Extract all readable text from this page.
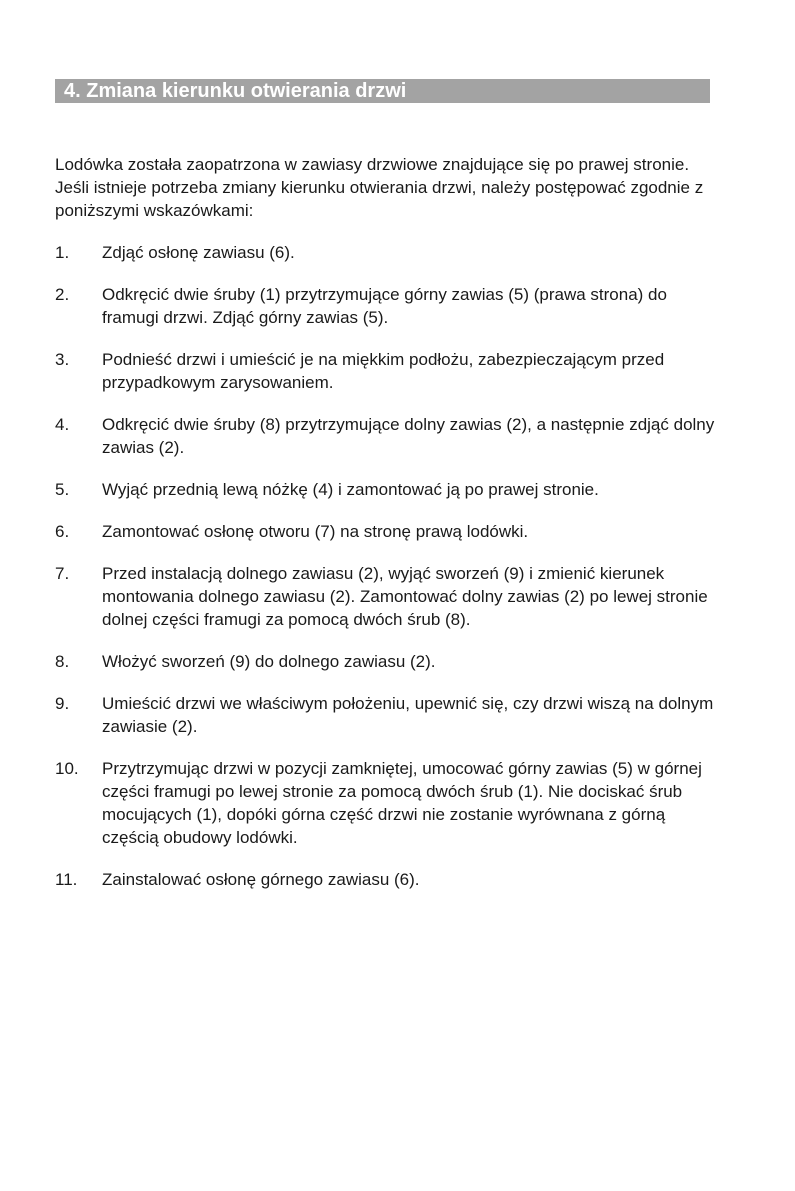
4. Zmiana kierunku otwierania drzwi

Lodówka została zaopatrzona w zawiasy drzwiowe znajdujące się po prawej stronie. Jeśli istnieje potrzeba zmiany kierunku otwierania drzwi, należy postępować zgodnie z poniższymi wskazówkami:

1.	Zdjąć osłonę zawiasu (6).
2.	Odkręcić dwie śruby (1) przytrzymujące górny zawias (5) (prawa strona) do framugi drzwi. Zdjąć górny zawias (5).
3.	Podnieść drzwi i umieścić je na miękkim podłożu, zabezpieczającym przed przypadkowym zarysowaniem.
4.	Odkręcić dwie śruby (8) przytrzymujące dolny zawias (2), a następnie zdjąć dolny zawias (2).
5.	Wyjąć przednią lewą nóżkę (4) i zamontować ją po prawej stronie.
6.	Zamontować osłonę otworu (7) na stronę prawą lodówki.
7.	Przed instalacją dolnego zawiasu (2), wyjąć sworzeń (9) i zmienić kierunek montowania dolnego zawiasu (2). Zamontować dolny zawias (2) po lewej stronie dolnej części framugi za pomocą dwóch śrub (8).
8.	Włożyć sworzeń (9) do dolnego zawiasu (2).
9.	Umieścić drzwi we właściwym położeniu, upewnić się, czy drzwi wiszą na dolnym zawiasie (2).
10.	Przytrzymując drzwi w pozycji zamkniętej, umocować górny zawias (5) w górnej części framugi po lewej stronie za pomocą dwóch śrub (1). Nie dociskać śrub mocujących (1), dopóki górna część drzwi nie zostanie wyrównana z górną częścią obudowy lodówki.
11.	Zainstalować osłonę górnego zawiasu (6).
